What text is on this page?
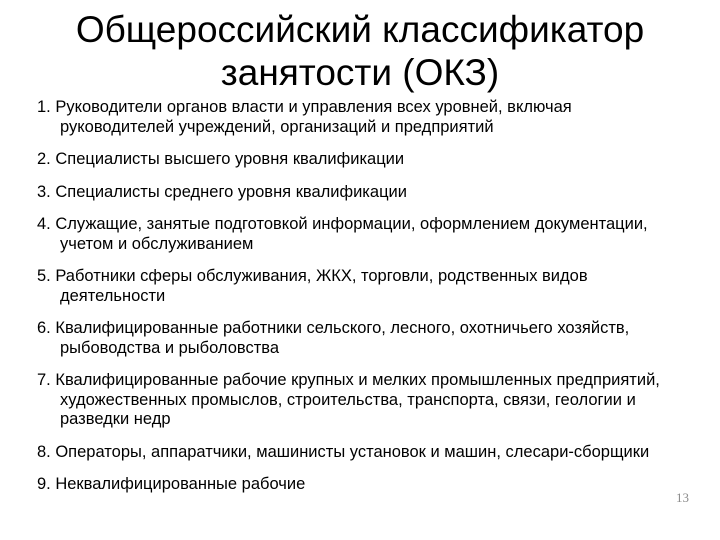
Общероссийский классификатор занятости (ОКЗ)
1. Руководители органов власти и управления всех уровней, включая руководителей учреждений, организаций и предприятий
2. Специалисты высшего уровня квалификации
3. Специалисты среднего уровня квалификации
4. Служащие, занятые подготовкой информации, оформлением документации, учетом и обслуживанием
5. Работники сферы обслуживания, ЖКХ, торговли, родственных видов деятельности
6. Квалифицированные работники сельского, лесного, охотничьего хозяйств, рыбоводства и рыболовства
7. Квалифицированные рабочие крупных и мелких промышленных предприятий, художественных промыслов, строительства, транспорта, связи, геологии и разведки недр
8. Операторы, аппаратчики, машинисты установок и машин, слесари-сборщики
9. Неквалифицированные рабочие
13
